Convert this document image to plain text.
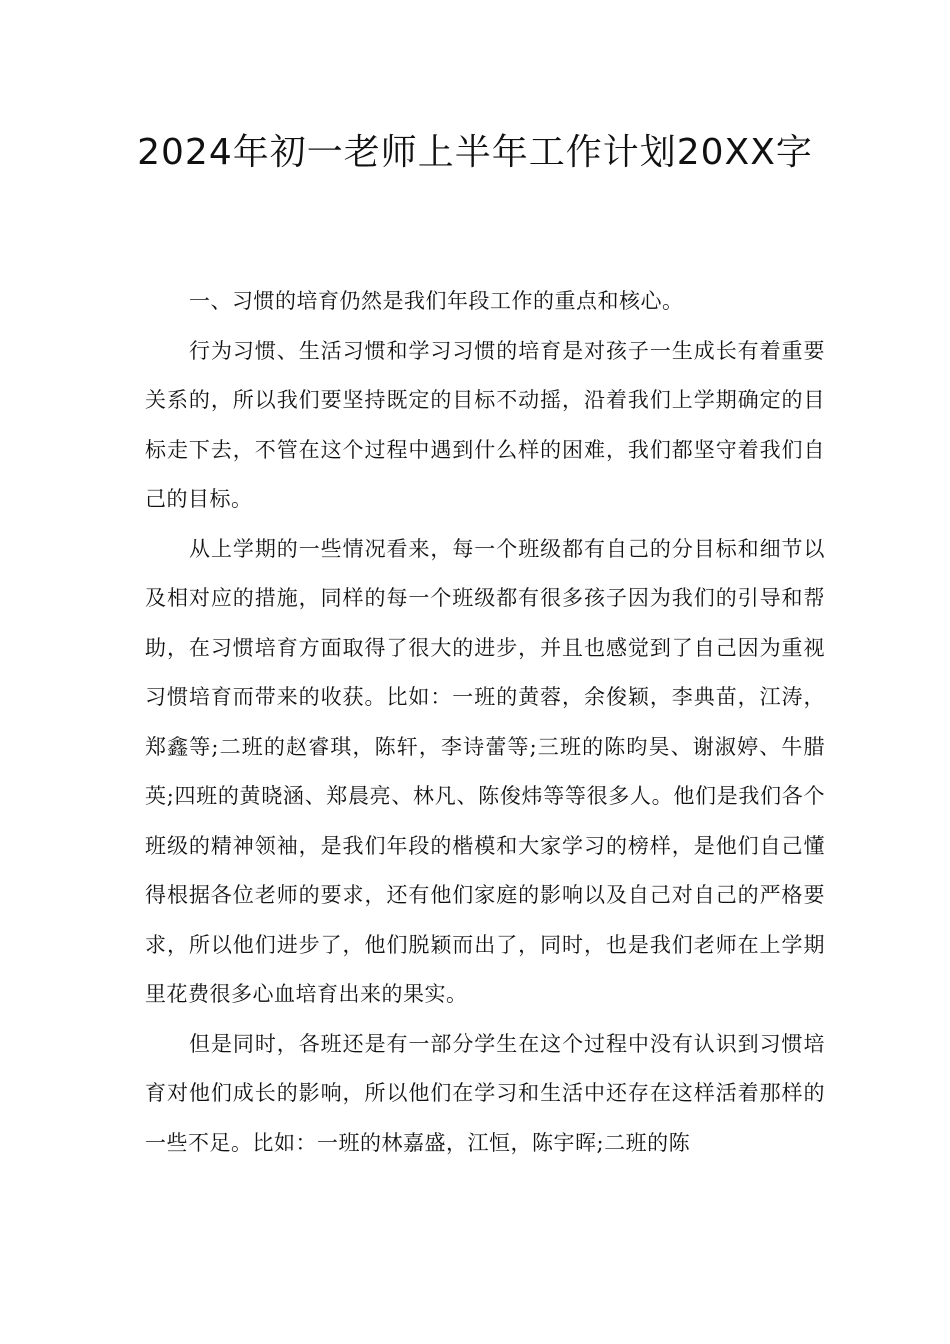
2024年初一老师上半年工作计划20XX字

一、习惯的培育仍然是我们年段工作的重点和核心。

行为习惯、生活习惯和学习习惯的培育是对孩子一生成长有着重要关系的，所以我们要坚持既定的目标不动摇，沿着我们上学期确定的目标走下去，不管在这个过程中遇到什么样的困难，我们都坚守着我们自己的目标。

从上学期的一些情况看来，每一个班级都有自己的分目标和细节以及相对应的措施，同样的每一个班级都有很多孩子因为我们的引导和帮助，在习惯培育方面取得了很大的进步，并且也感觉到了自己因为重视习惯培育而带来的收获。比如：一班的黄蓉，余俊颖，李典苗，江涛，郑鑫等;二班的赵睿琪，陈轩，李诗蕾等;三班的陈昀昊、谢淑婷、牛腊英;四班的黄晓涵、郑晨亮、林凡、陈俊炜等等很多人。他们是我们各个班级的精神领袖，是我们年段的楷模和大家学习的榜样，是他们自己懂得根据各位老师的要求，还有他们家庭的影响以及自己对自己的严格要求，所以他们进步了，他们脱颖而出了，同时，也是我们老师在上学期里花费很多心血培育出来的果实。

但是同时，各班还是有一部分学生在这个过程中没有认识到习惯培育对他们成长的影响，所以他们在学习和生活中还存在这样活着那样的一些不足。比如：一班的林嘉盛，江恒，陈宇晖;二班的陈
